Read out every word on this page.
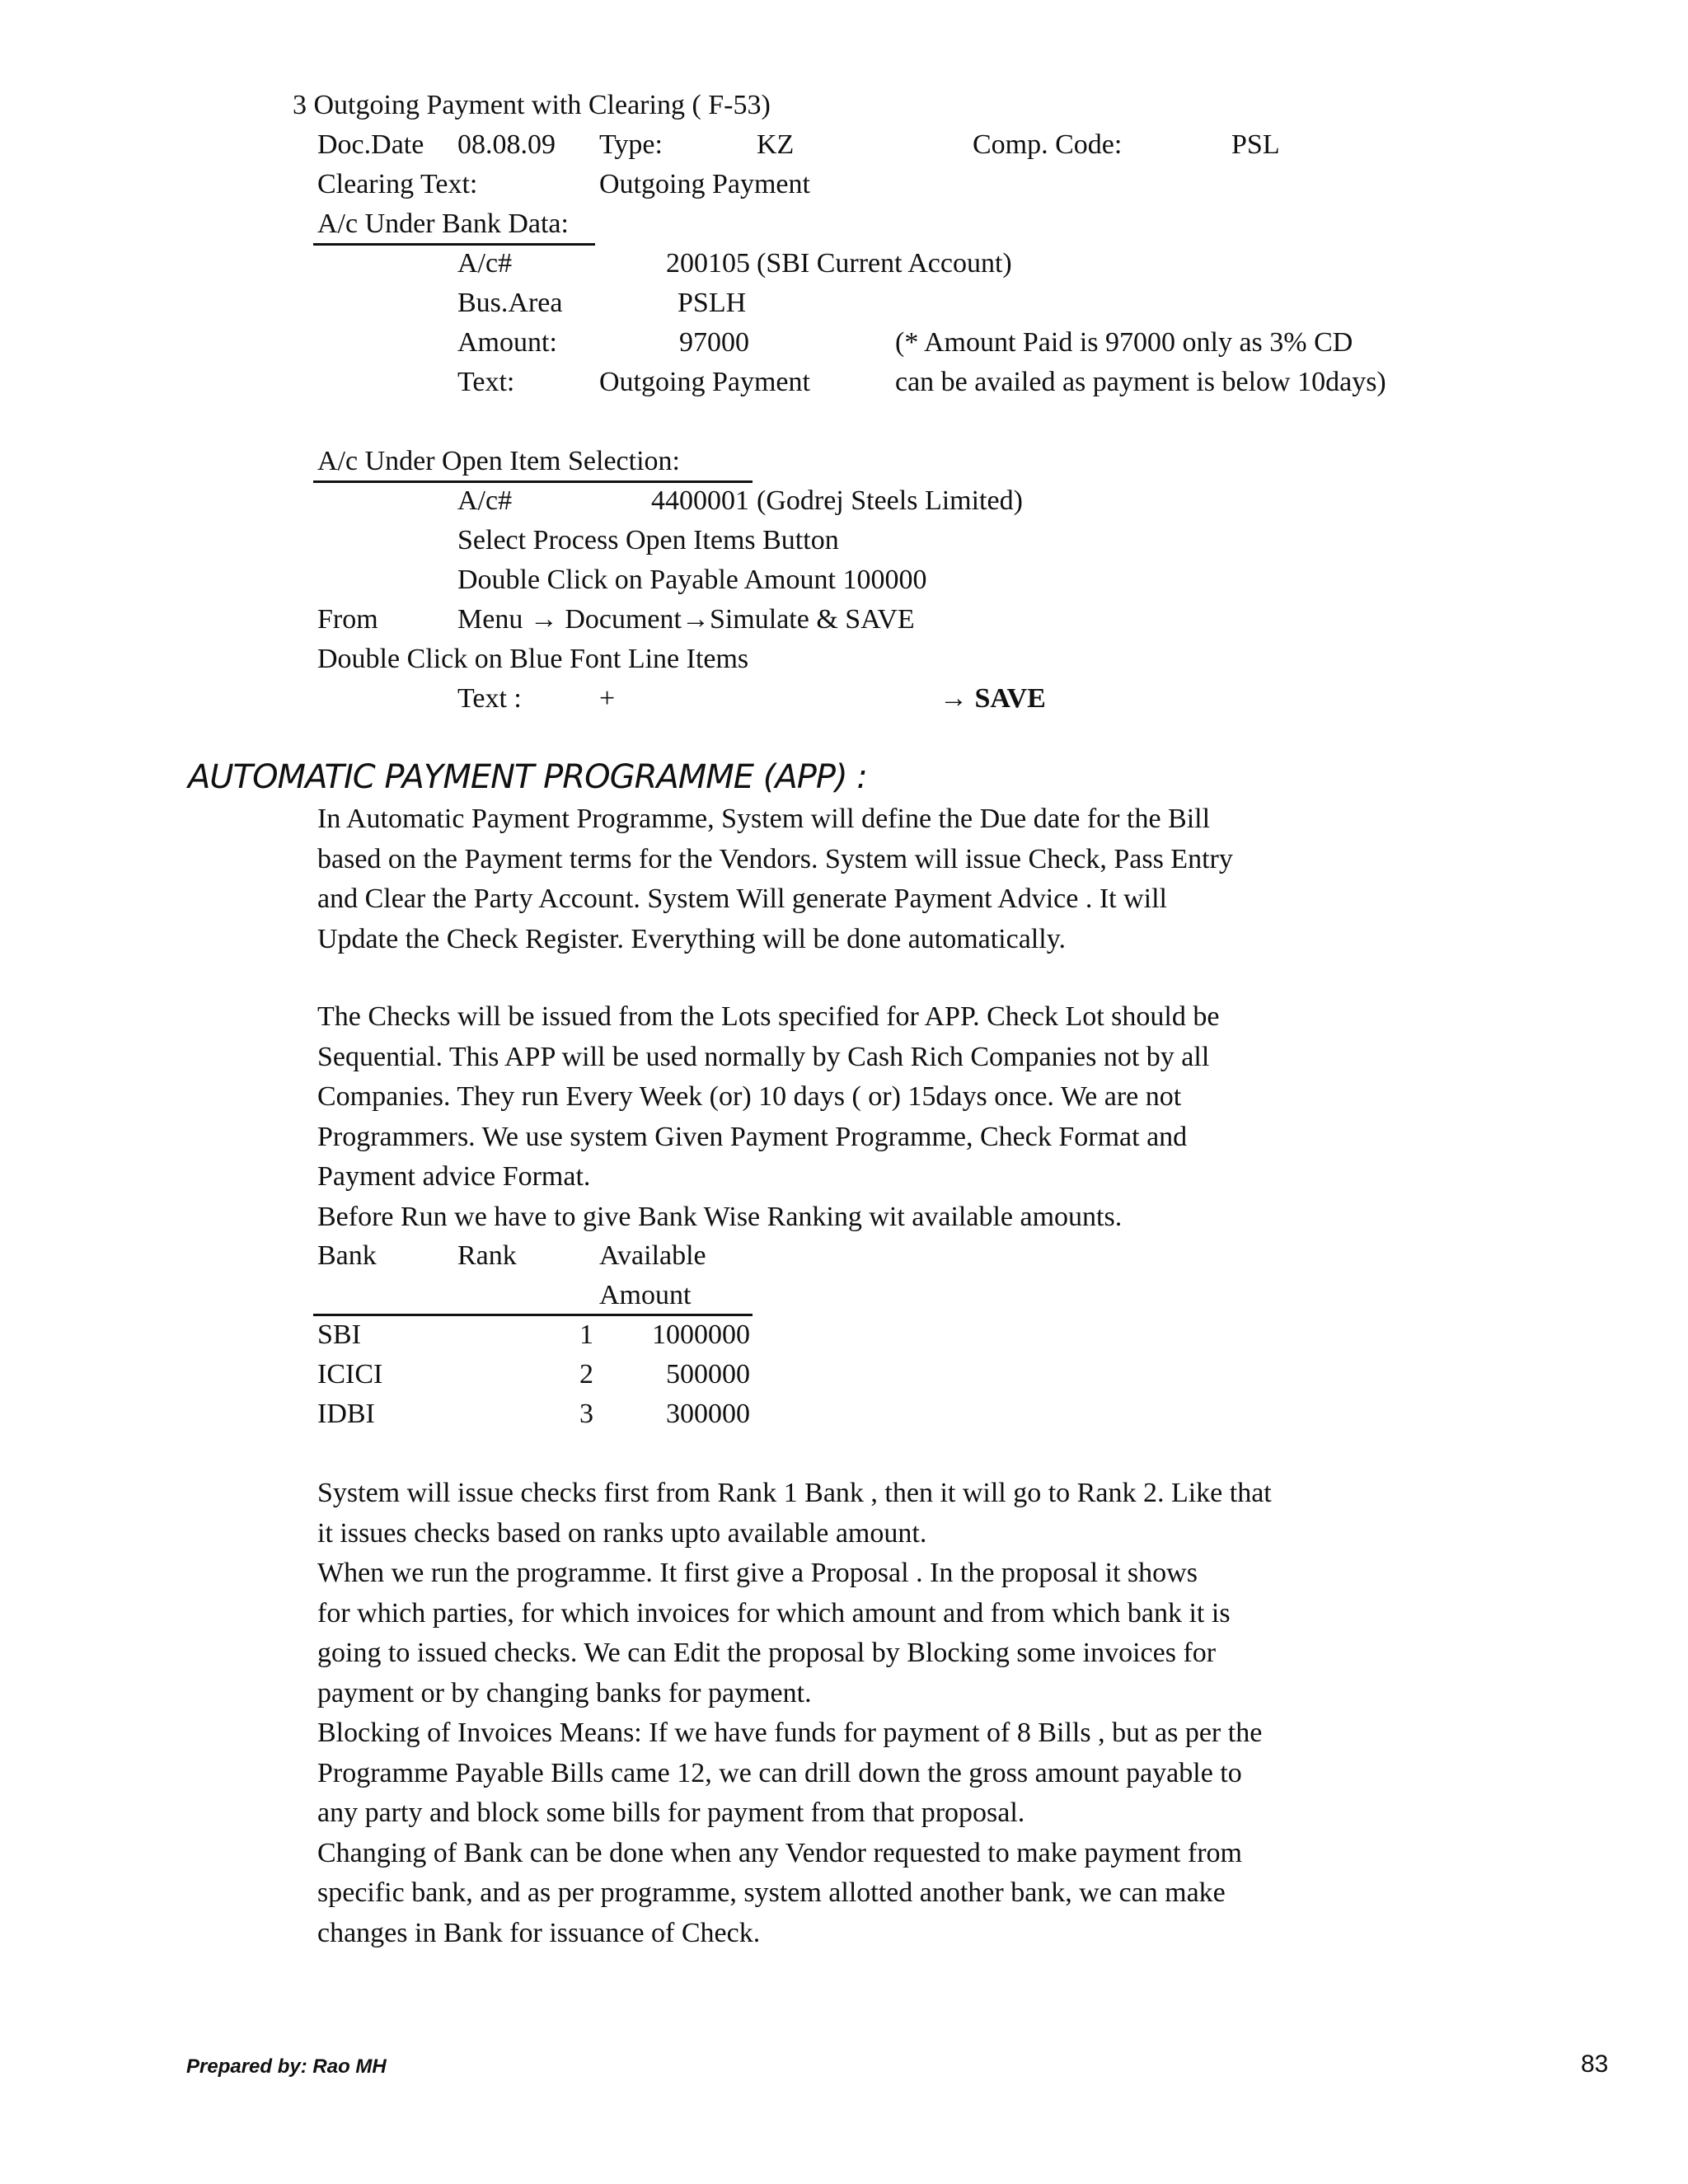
3 Outgoing Payment with Clearing ( F-53)
Doc.Date 08.08.09 Type:	KZ	Comp. Code:	PSL
Clearing Text:	Outgoing Payment
A/c Under Bank Data:
A/c#	200105 (SBI Current Account)
Bus.Area	PSLH
Amount:	97000	(* Amount Paid is 97000 only as 3% CD
Text:	Outgoing Payment	can be availed as payment is below 10days)
A/c Under Open Item Selection:
A/c#	4400001 (Godrej Steels Limited)
Select Process Open Items Button
Double Click on Payable Amount 100000
From	Menu → Document→Simulate & SAVE
Double Click on Blue Font Line Items
Text :	+	→ SAVE
AUTOMATIC PAYMENT PROGRAMME (APP) :
In Automatic Payment Programme, System will define the Due date for the Bill
based on the Payment terms for the Vendors. System will issue Check, Pass Entry
and Clear the Party Account. System Will generate Payment Advice . It will
Update the Check Register. Everything will be done automatically.
The Checks will be issued from the Lots specified for APP. Check Lot should be
Sequential. This APP will be used normally by Cash Rich Companies not by all
Companies. They run Every Week (or) 10 days ( or) 15days once. We are not
Programmers. We use system Given Payment Programme, Check Format and
Payment advice Format.
Before Run we have to give Bank Wise Ranking wit available amounts.
Bank	Rank	Available
Amount
SBI	1	1000000
ICICI	2	500000
IDBI	3	300000
System will issue checks first from Rank 1 Bank , then it will go to Rank 2. Like that
it issues checks based on ranks upto available amount.
When we run the programme. It first give a Proposal . In the proposal it shows
for which parties, for which invoices for which amount and from which bank it is
going to issued checks. We can Edit the proposal by Blocking some invoices for
payment or by changing banks for payment.
Blocking of Invoices Means: If we have funds for payment of 8 Bills , but as per the
Programme Payable Bills came 12, we can drill down the gross amount payable to
any party and block some bills for payment from that proposal.
Changing of Bank can be done when any Vendor requested to make payment from
specific bank, and as per programme, system allotted another bank, we can make
changes in Bank for issuance of Check.
Prepared by: Rao MH	83
